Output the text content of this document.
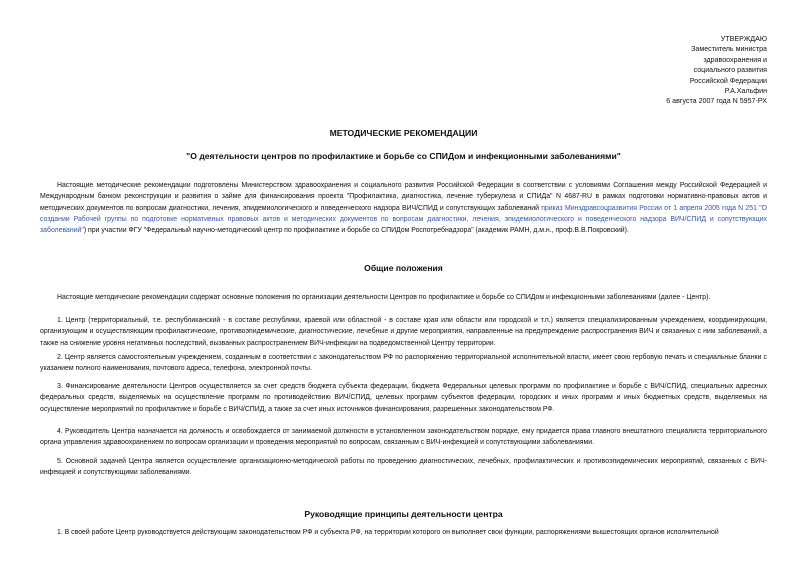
УТВЕРЖДАЮ
Заместитель министра
здравоохранения и
социального развития
Российской Федерации
Р.А.Хальфин
6 августа 2007 года N 5957-РХ
МЕТОДИЧЕСКИЕ РЕКОМЕНДАЦИИ
"О деятельности центров по профилактике и борьбе со СПИДом и инфекционными заболеваниями"
Настоящие методические рекомендации подготовлены Министерством здравоохранения и социального развития Российской Федерации в соответствии с условиями Соглашения между Российской Федерацией и Международным банком реконструкции и развития о займе для финансирования проекта "Профилактика, диагностика, лечение туберкулеза и СПИДа" N 4687-RU в рамках подготовки нормативно-правовых актов и методических документов по вопросам диагностики, лечения, эпидемиологического и поведенческого надзора ВИЧ/СПИД и сопутствующих заболеваний приказ Минздравсоцразвития России от 1 апреля 2005 года N 251 "О создании Рабочей группы по подготовке нормативных правовых актов и методических документов по вопросам диагностики, лечения, эпидемиологического и поведенческого надзора ВИЧ/СПИД и сопутствующих заболеваний") при участии ФГУ "Федеральный научно-методический центр по профилактике и борьбе со СПИДом Роспотребнадзора" (академик РАМН, д.м.н., проф.В.В.Покровский).
Общие положения
Настоящие методические рекомендации содержат основные положения по организации деятельности Центров по профилактике и борьбе со СПИДом и инфекционными заболеваниями (далее - Центр).
1. Центр (территориальный, т.е. республиканский - в составе республики, краевой или областной - в составе края или области или городской и т.п.) является специализированным учреждением, координирующим, организующим и осуществляющим профилактические, противоэпидемические, диагностические, лечебные и другие мероприятия, направленные на предупреждение распространения ВИЧ и связанных с ним заболеваний, а также на снижение уровня негативных последствий, вызванных распространением ВИЧ-инфекции на подведомственной Центру территории.
2. Центр является самостоятельным учреждением, созданным в соответствии с законодательством РФ по распоряжению территориальной исполнительной власти, имеет свою гербовую печать и специальные бланки с указанием полного наименования, почтового адреса, телефона, электронной почты.
3. Финансирование деятельности Центров осуществляется за счет средств бюджета субъекта федерации, бюджета Федеральных целевых программ по профилактике и борьбе с ВИЧ/СПИД, специальных адресных федеральных средств, выделяемых на осуществление программ по противодействию ВИЧ/СПИД, целевых программ субъектов федерации, городских и иных программ и иных бюджетных средств, выделяемых на осуществление мероприятий по профилактике и борьбе с ВИЧ/СПИД, а также за счет иных источников финансирования, разрешенных законодательством РФ.
4. Руководитель Центра назначается на должность и освобождается от занимаемой должности в установленном законодательством порядке, ему придается права главного внештатного специалиста территориального органа управления здравоохранением по вопросам организации и проведения мероприятий по вопросам, связанным с ВИЧ-инфекцией и сопутствующими заболеваниями.
5. Основной задачей Центра является осуществление организационно-методической работы по проведению диагностических, лечебных, профилактических и противоэпидемических мероприятий, связанных с ВИЧ-инфекцией и сопутствующими заболеваниями.
Руководящие принципы деятельности центра
1. В своей работе Центр руководствуется действующим законодательством РФ и субъекта РФ, на территории которого он выполняет свои функции, распоряжениями вышестоящих органов исполнительной
